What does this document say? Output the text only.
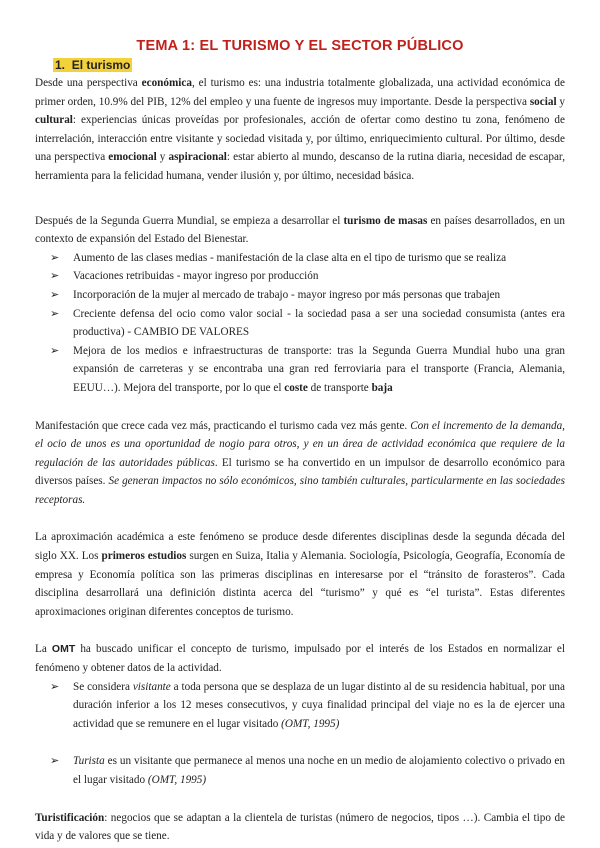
TEMA 1: EL TURISMO Y EL SECTOR PÚBLICO
1. El turismo

Desde una perspectiva económica, el turismo es: una industria totalmente globalizada, una actividad económica de primer orden, 10.9% del PIB, 12% del empleo y una fuente de ingresos muy importante. Desde la perspectiva social y cultural: experiencias únicas proveídas por profesionales, acción de ofertar como destino tu zona, fenómeno de interrelación, interacción entre visitante y sociedad visitada y, por último, enriquecimiento cultural. Por último, desde una perspectiva emocional y aspiracional: estar abierto al mundo, descanso de la rutina diaria, necesidad de escapar, herramienta para la felicidad humana, vender ilusión y, por último, necesidad básica.

Después de la Segunda Guerra Mundial, se empieza a desarrollar el turismo de masas en países desarrollados, en un contexto de expansión del Estado del Bienestar.

➢ Aumento de las clases medias - manifestación de la clase alta en el tipo de turismo que se realiza
➢ Vacaciones retribuidas - mayor ingreso por producción
➢ Incorporación de la mujer al mercado de trabajo - mayor ingreso por más personas que trabajen
➢ Creciente defensa del ocio como valor social - la sociedad pasa a ser una sociedad consumista (antes era productiva) - CAMBIO DE VALORES
➢ Mejora de los medios e infraestructuras de transporte: tras la Segunda Guerra Mundial hubo una gran expansión de carreteras y se encontraba una gran red ferroviaria para el transporte (Francia, Alemania, EEUU…). Mejora del transporte, por lo que el coste de transporte baja

Manifestación que crece cada vez más, practicando el turismo cada vez más gente. Con el incremento de la demanda, el ocio de unos es una oportunidad de nogio para otros, y en un área de actividad económica que requiere de la regulación de las autoridades públicas. El turismo se ha convertido en un impulsor de desarrollo económico para diversos países. Se generan impactos no sólo económicos, sino también culturales, particularmente en las sociedades receptoras.

La aproximación académica a este fenómeno se produce desde diferentes disciplinas desde la segunda década del siglo XX. Los primeros estudios surgen en Suiza, Italia y Alemania. Sociología, Psicología, Geografía, Economía de empresa y Economía política son las primeras disciplinas en interesarse por el “tránsito de forasteros”. Cada disciplina desarrollará una definición distinta acerca del “turismo” y qué es “el turista”. Estas diferentes aproximaciones originan diferentes conceptos de turismo.

La OMT ha buscado unificar el concepto de turismo, impulsado por el interés de los Estados en normalizar el fenómeno y obtener datos de la actividad.

➢ Se considera visitante a toda persona que se desplaza de un lugar distinto al de su residencia habitual, por una duración inferior a los 12 meses consecutivos, y cuya finalidad principal del viaje no es la de ejercer una actividad que se remunere en el lugar visitado (OMT, 1995)
➢ Turista es un visitante que permanece al menos una noche en un medio de alojamiento colectivo o privado en el lugar visitado (OMT, 1995)

Turistificación: negocios que se adaptan a la clientela de turistas (número de negocios, tipos …). Cambia el tipo de vida y de valores que se tiene.
